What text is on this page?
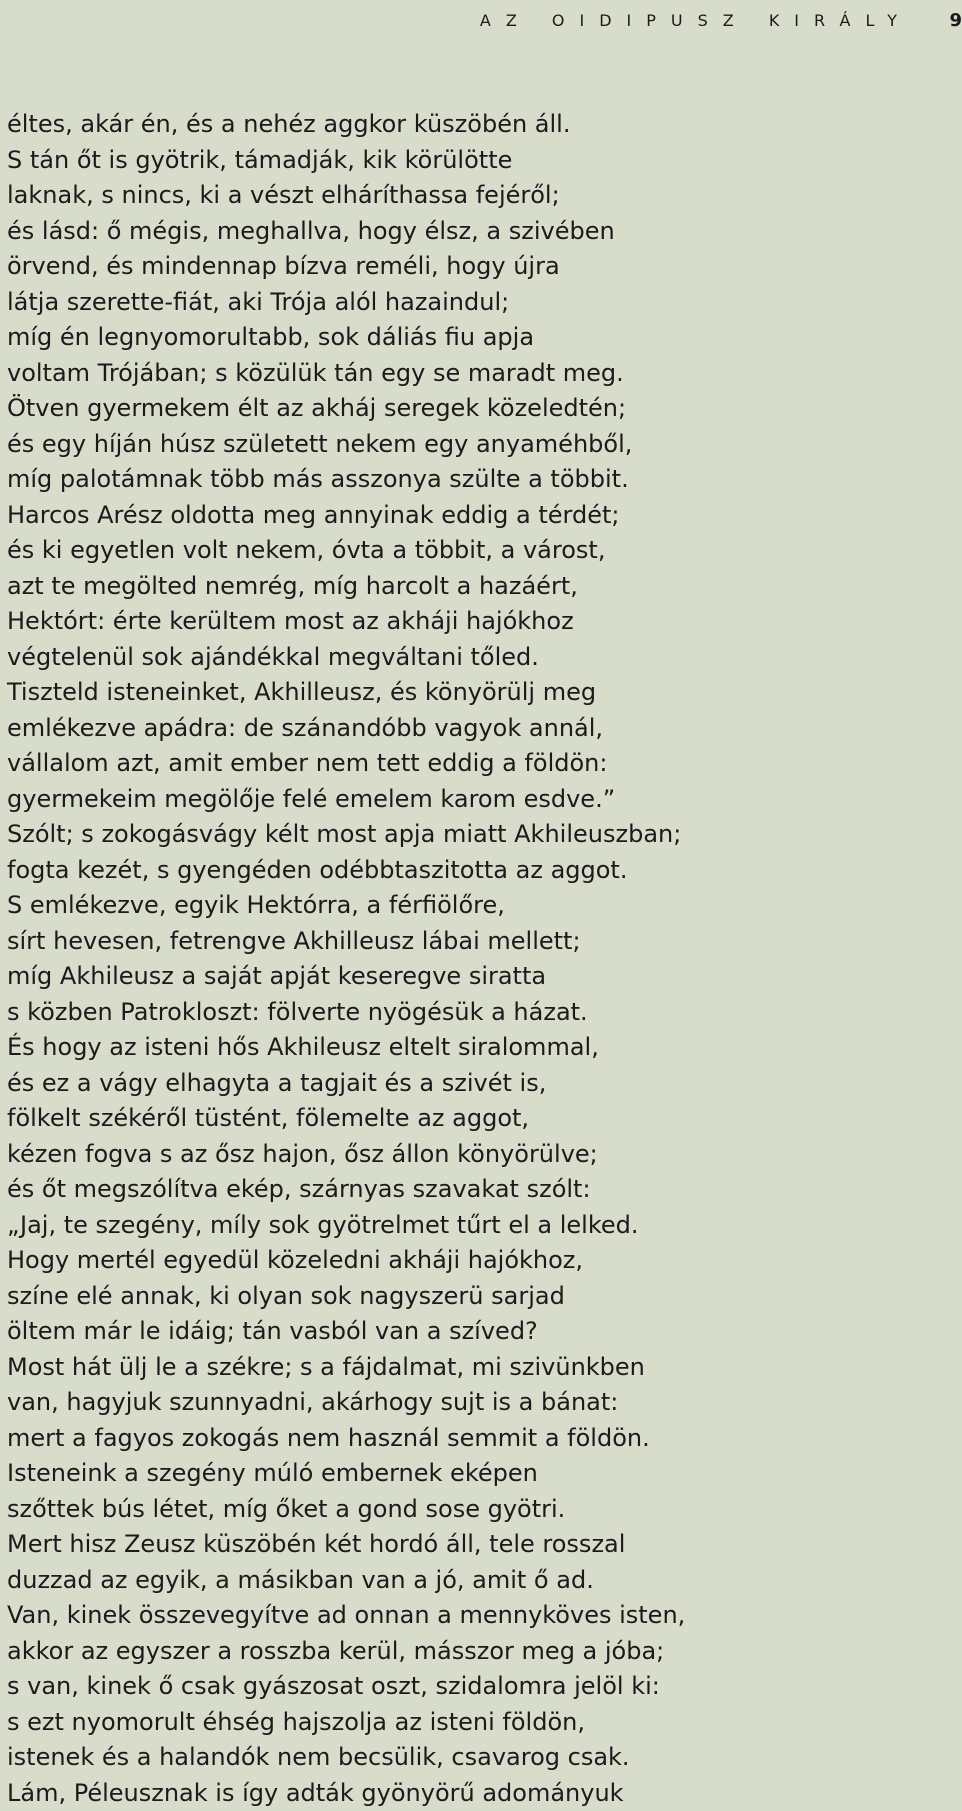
AZ OIDIPUSZ KIRÁLY 9
éltes, akár én, és a nehéz aggkor küszöbén áll.
S tán őt is gyötrik, támadják, kik körülötte
laknak, s nincs, ki a vészt elháríthassa fejéről;
és lásd: ő mégis, meghallva, hogy élsz, a szivében
örvend, és mindennap bízva reméli, hogy újra
látja szerette-fiát, aki Trója alól hazaindul;
míg én legnyomorultabb, sok dáliás fiu apja
voltam Trójában; s közülük tán egy se maradt meg.
Ötven gyermekem élt az akháj seregek közeledtén;
és egy híján húsz született nekem egy anyaméhből,
míg palotámnak több más asszonya szülte a többit.
Harcos Arész oldotta meg annyinak eddig a térdét;
és ki egyetlen volt nekem, óvta a többit, a várost,
azt te megölted nemrég, míg harcolt a hazáért,
Hektórt: érte kerültem most az akháji hajókhoz
végtelenül sok ajándékkal megváltani tőled.
Tiszteld isteneinket, Akhilleusz, és könyörülj meg
emlékezve apádra: de szánandóbb vagyok annál,
vállalom azt, amit ember nem tett eddig a földön:
gyermekeim megölője felé emelem karom esdve.”
Szólt; s zokogásvágy kélt most apja miatt Akhileuszban;
fogta kezét, s gyengéden odébbtaszitotta az aggot.
S emlékezve, egyik Hektórra, a férfiölőre,
sírt hevesen, fetrengve Akhilleusz lábai mellett;
míg Akhileusz a saját apját keseregve siratta
s közben Patrokloszt: fölverte nyögésük a házat.
És hogy az isteni hős Akhileusz eltelt siralommal,
és ez a vágy elhagyta a tagjait és a szivét is,
fölkelt székéről tüstént, fölemelte az aggot,
kézen fogva s az ősz hajon, ősz állon könyörülve;
és őt megszólítva ekép, szárnyas szavakat szólt:
„Jaj, te szegény, míly sok gyötrelmet tűrt el a lelked.
Hogy mertél egyedül közeledni akháji hajókhoz,
színe elé annak, ki olyan sok nagyszerü sarjad
öltem már le idáig; tán vasból van a szíved?
Most hát ülj le a székre; s a fájdalmat, mi szivünkben
van, hagyjuk szunnyadni, akárhogy sujt is a bánat:
mert a fagyos zokogás nem használ semmit a földön.
Isteneink a szegény múló embernek eképen
szőttek bús létet, míg őket a gond sose gyötri.
Mert hisz Zeusz küszöbén két hordó áll, tele rosszal
duzzad az egyik, a másikban van a jó, amit ő ad.
Van, kinek összevegyítve ad onnan a mennyköves isten,
akkor az egyszer a rosszba kerül, másszor meg a jóba;
s van, kinek ő csak gyászosat oszt, szidalomra jelöl ki:
s ezt nyomorult éhség hajszolja az isteni földön,
istenek és a halandók nem becsülik, csavarog csak.
Lám, Péleusznak is így adták gyönyörű adományuk
